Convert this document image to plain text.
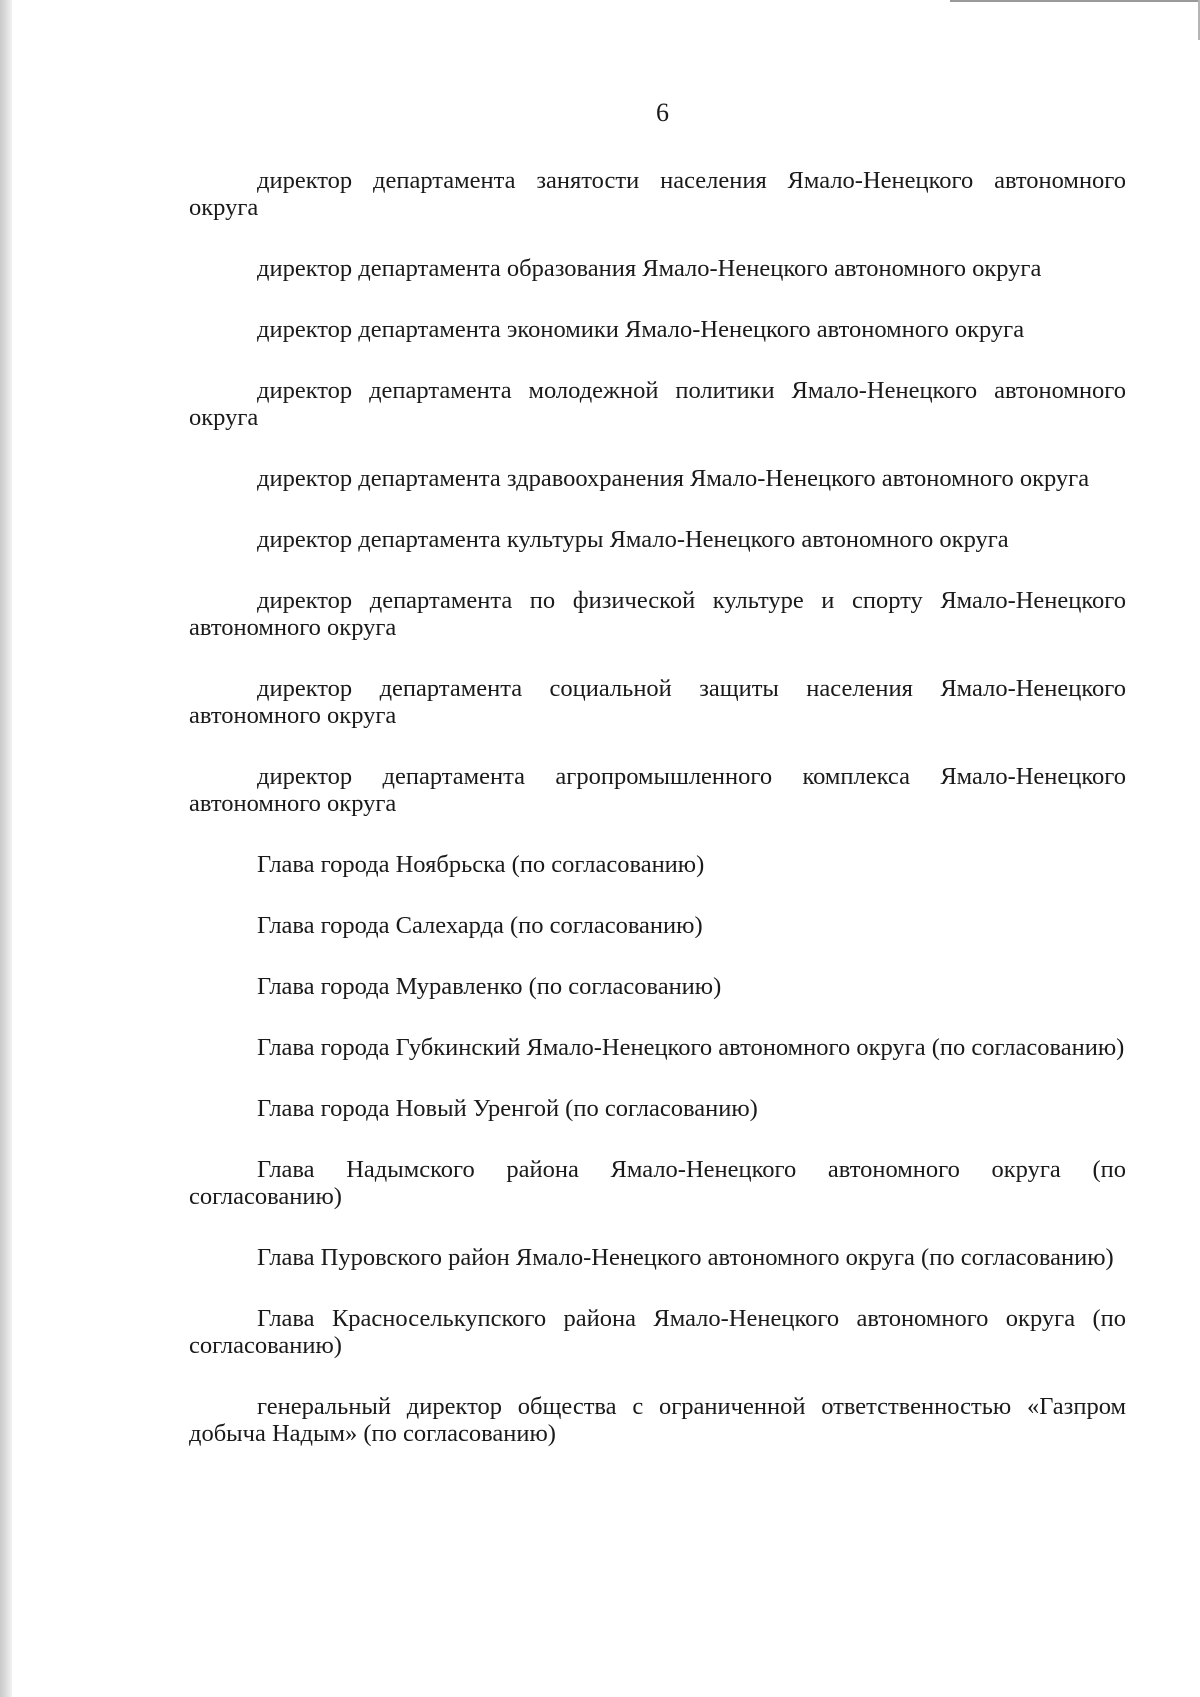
6

директор департамента занятости населения Ямало-Ненецкого автономного округа

директор департамента образования Ямало-Ненецкого автономного округа

директор департамента экономики Ямало-Ненецкого автономного округа

директор департамента молодежной политики Ямало-Ненецкого автономного округа

директор департамента здравоохранения Ямало-Ненецкого автономного округа

директор департамента культуры Ямало-Ненецкого автономного округа

директор департамента по физической культуре и спорту Ямало-Ненецкого автономного округа

директор департамента социальной защиты населения Ямало-Ненецкого автономного округа

директор департамента агропромышленного комплекса Ямало-Ненецкого автономного округа

Глава города Ноябрьска (по согласованию)

Глава города Салехарда (по согласованию)

Глава города Муравленко (по согласованию)

Глава города Губкинский Ямало-Ненецкого автономного округа (по согласованию)

Глава города Новый Уренгой (по согласованию)

Глава Надымского района Ямало-Ненецкого автономного округа (по согласованию)

Глава Пуровского район Ямало-Ненецкого автономного округа (по согласованию)

Глава Красноселькупского района Ямало-Ненецкого автономного округа (по согласованию)

генеральный директор общества с ограниченной ответственностью «Газпром добыча Надым» (по согласованию)
